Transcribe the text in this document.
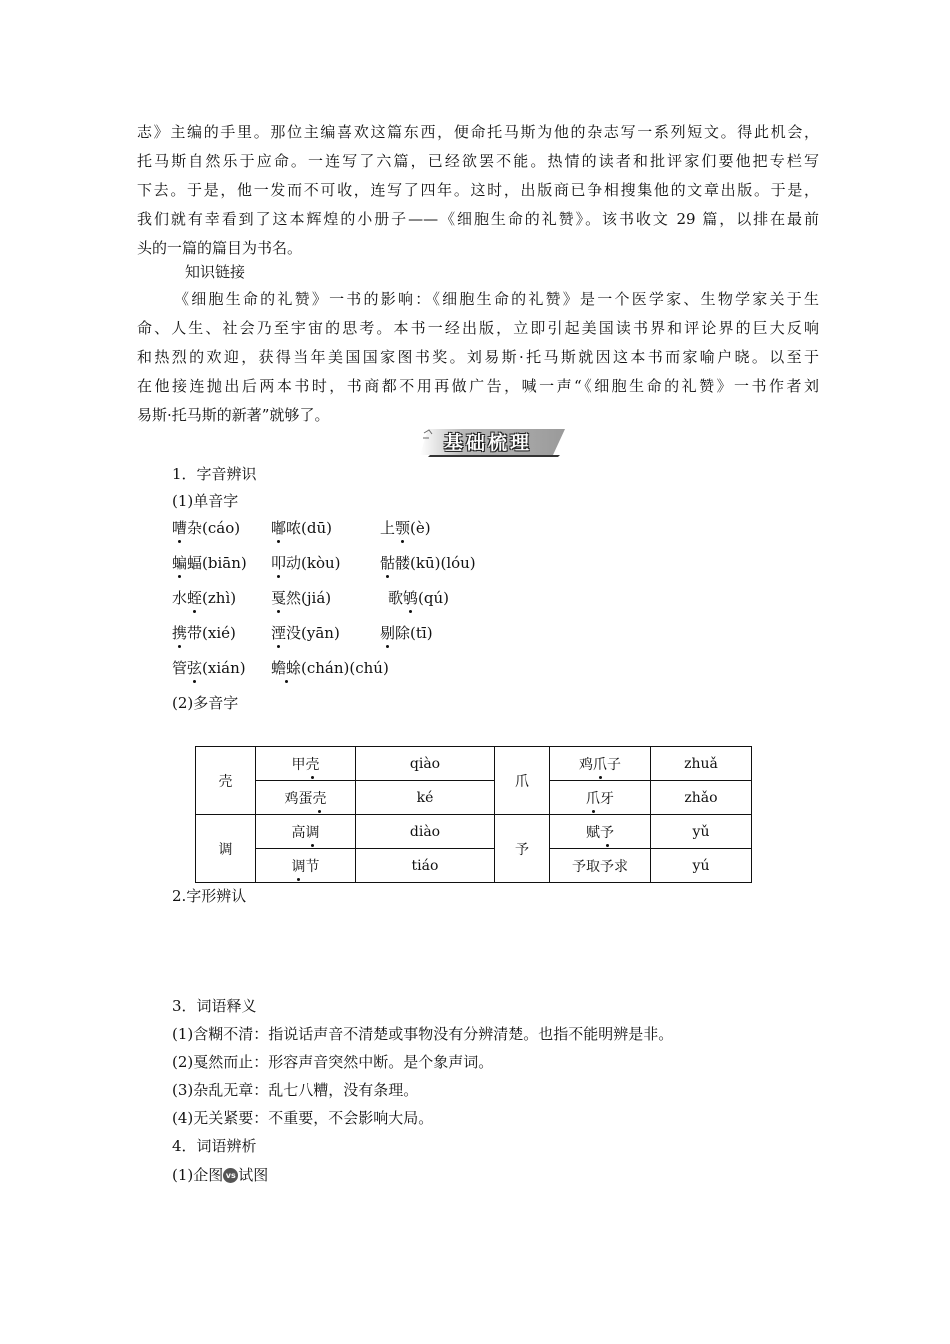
志》主编的手里。那位主编喜欢这篇东西，便命托马斯为他的杂志写一系列短文。得此机会，
托马斯自然乐于应命。一连写了六篇，已经欲罢不能。热情的读者和批评家们要他把专栏写
下去。于是，他一发而不可收，连写了四年。这时，出版商已争相搜集他的文章出版。于是，
我们就有幸看到了这本辉煌的小册子——《细胞生命的礼赞》。该书收文 29 篇，以排在最前
头的一篇的篇目为书名。
知识链接
《细胞生命的礼赞》一书的影响：《细胞生命的礼赞》是一个医学家、生物学家关于生
命、人生、社会乃至宇宙的思考。本书一经出版，立即引起美国读书界和评论界的巨大反响
和热烈的欢迎，获得当年美国国家图书奖。刘易斯·托马斯就因这本书而家喻户晓。以至于
在他接连抛出后两本书时，书商都不用再做广告，喊一声“《细胞生命的礼赞》一书作者刘
易斯·托马斯的新著”就够了。
基础梳理
1．字音辨识
(1)单音字
嘈杂(cáo) 嘟哝(dū)	上颚(è)
蝙蝠(biān) 叩动(kòu)	骷髅(kū)(lóu)
水蛭(zhì) 戛然(jiá)	歌鸲(qú)
携带(xié) 湮没(yān)	剔除(tī)
管弦(xián) 蟾蜍(chán)(chú)
(2)多音字
壳	甲壳	qiào	爪	鸡爪子	zhuǎ
	鸡蛋壳	ké		爪牙	zhǎo
调	高调	diào	予	赋予	yǔ
	调节	tiáo		予取予求	yú
2.字形辨认
3．词语释义
(1)含糊不清：指说话声音不清楚或事物没有分辨清楚。也指不能明辨是非。
(2)戛然而止：形容声音突然中断。是个象声词。
(3)杂乱无章：乱七八糟，没有条理。
(4)无关紧要：不重要，不会影响大局。
4．词语辨析
(1)企图 vs 试图
